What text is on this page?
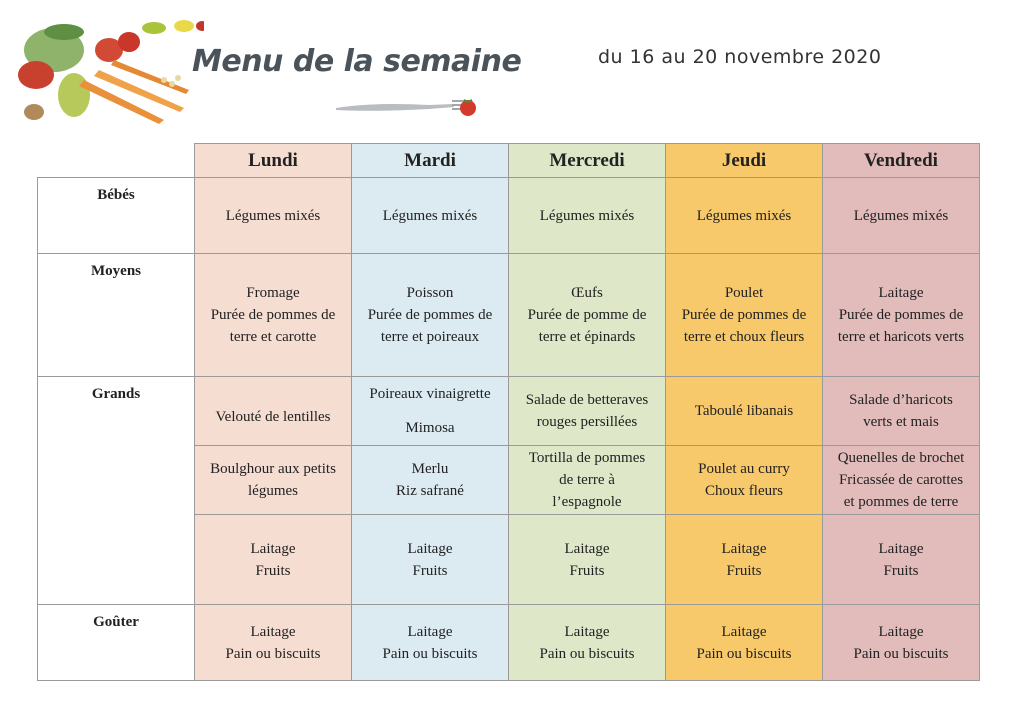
Menu de la semaine	du 16 au 20 novembre 2020
	Lundi	Mardi	Mercredi	Jeudi	Vendredi
Bébés	Légumes mixés	Légumes mixés	Légumes mixés	Légumes mixés	Légumes mixés

Moyens	Fromage
Purée de pommes de
terre et carotte	Poisson
Purée de pommes de
terre et poireaux	Œufs
Purée de pomme de
terre et épinards	Poulet
Purée de pommes de
terre et choux fleurs	Laitage
Purée de pommes de
terre et haricots verts

Grands	Velouté de lentilles	Poireaux vinaigrette
Mimosa	Salade de betteraves
rouges persillées	Taboulé libanais	Salade d’haricots
verts et mais

	Boulghour aux petits
légumes	Merlu
Riz safrané	Tortilla de pommes
de terre à
l’espagnole	Poulet au curry
Choux fleurs	Quenelles de brochet
Fricassée de carottes
et pommes de terre

	Laitage
Fruits	Laitage
Fruits	Laitage
Fruits	Laitage
Fruits	Laitage
Fruits

Goûter	Laitage
Pain ou biscuits	Laitage
Pain ou biscuits	Laitage
Pain ou biscuits	Laitage
Pain ou biscuits	Laitage
Pain ou biscuits
